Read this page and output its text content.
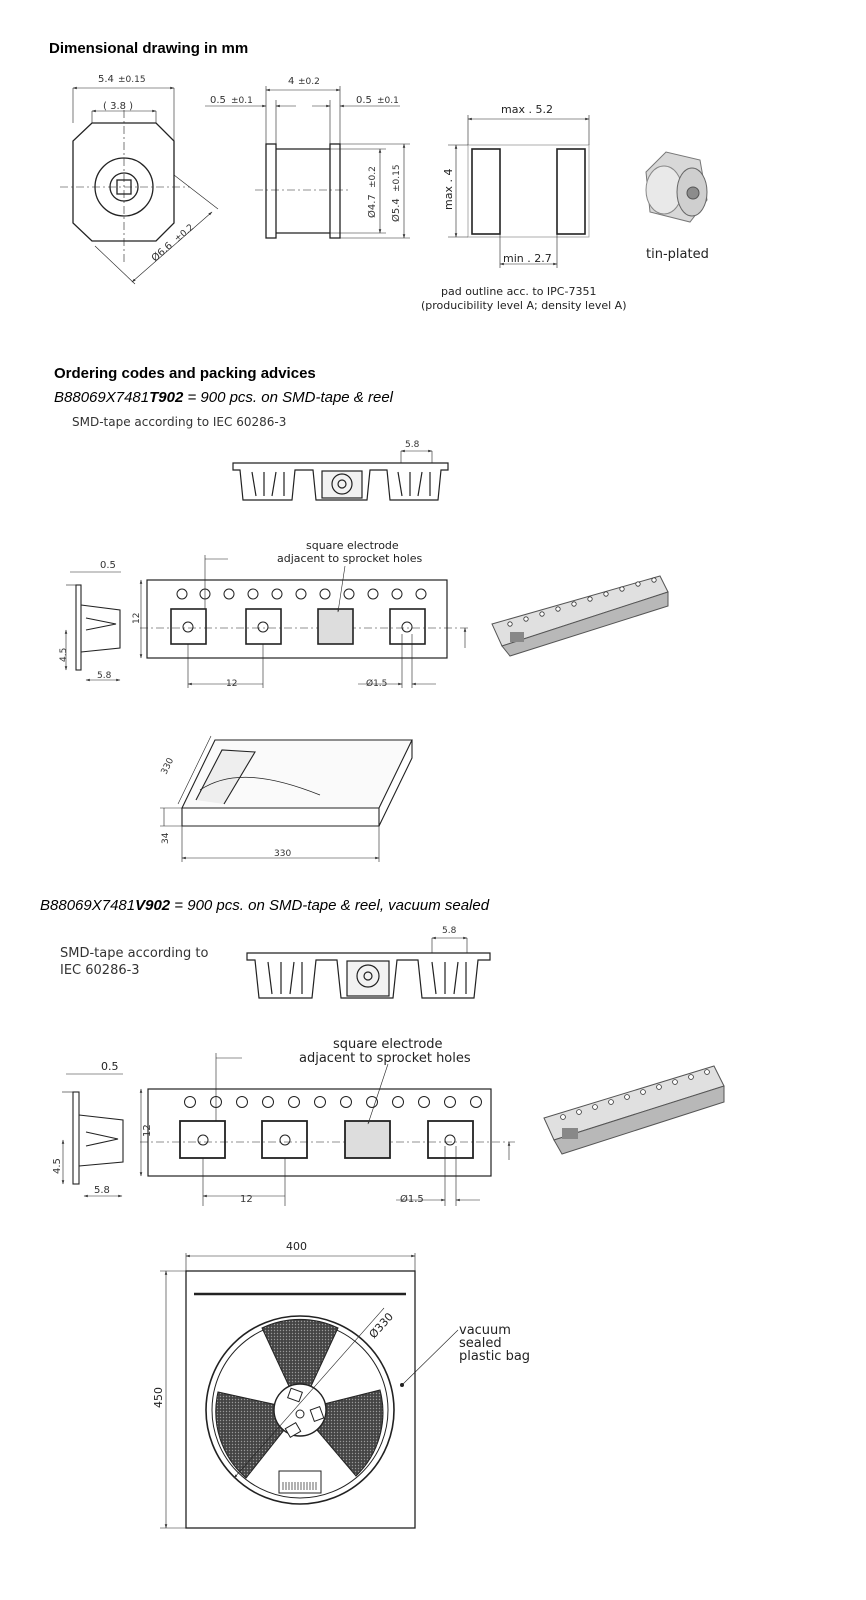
Dimensional drawing in mm
Ordering codes and packing advices
B88069X7481T902 = 900 pcs. on SMD-tape & reel
SMD-tape according to IEC 60286-3
B88069X7481V902 = 900 pcs. on SMD-tape & reel, vacuum sealed
SMD-tape according to
IEC 60286-3
5.4 ±0.15
( 3.8 )
Ø6.6
±0.2
4 ±0.2
0.5 ±0.1	0.5 ±0.1
Ø4.7
±0.2
Ø5.4
±0.15
max . 5.2
max . 4
min . 2.7
pad outline acc. to IPC-7351
(producibility level A; density level A)
tin-plated
5.8
square electrode
adjacent to sprocket holes
12
12	Ø1.5
0.5
4.5
5.8
34
330
330
5.8
square electrode
adjacent to sprocket holes
12
12	Ø1.5
0.5
4.5
5.8
400
450
Ø330	vacuum
sealed
plastic bag
